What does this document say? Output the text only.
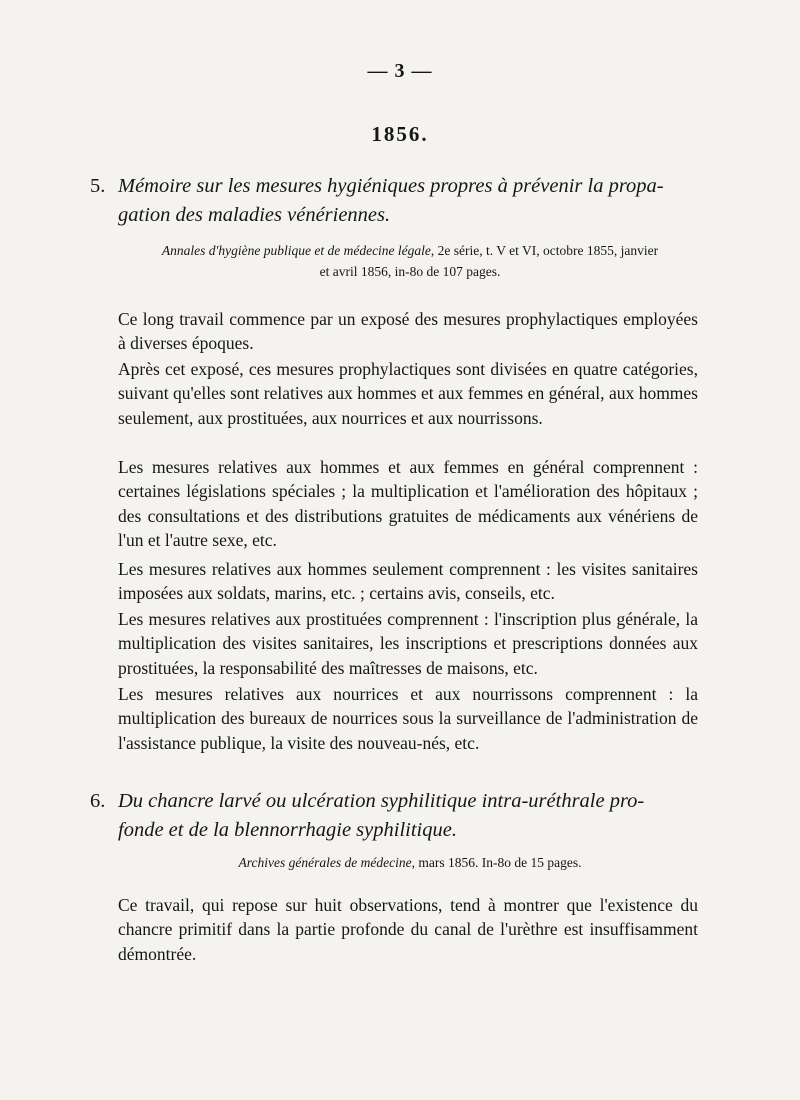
— 3 —
1856.
5. Mémoire sur les mesures hygiéniques propres à prévenir la propa-
gation des maladies vénériennes.
Annales d'hygiène publique et de médecine légale, 2e série, t. V et VI, octobre 1855, janvier
et avril 1856, in-8o de 107 pages.
Ce long travail commence par un exposé des mesures prophylactiques employées à diverses époques.
Après cet exposé, ces mesures prophylactiques sont divisées en quatre catégories, suivant qu'elles sont relatives aux hommes et aux femmes en général, aux hommes seulement, aux prostituées, aux nourrices et aux nourrissons.
Les mesures relatives aux hommes et aux femmes en général comprennent : certaines législations spéciales ; la multiplication et l'amélioration des hôpitaux ; des consultations et des distributions gratuites de médicaments aux vénériens de l'un et l'autre sexe, etc.
Les mesures relatives aux hommes seulement comprennent : les visites sanitaires imposées aux soldats, marins, etc. ; certains avis, conseils, etc.
Les mesures relatives aux prostituées comprennent : l'inscription plus générale, la multiplication des visites sanitaires, les inscriptions et prescriptions données aux prostituées, la responsabilité des maîtresses de maisons, etc.
Les mesures relatives aux nourrices et aux nourrissons comprennent : la multiplication des bureaux de nourrices sous la surveillance de l'administration de l'assistance publique, la visite des nouveau-nés, etc.
6. Du chancre larvé ou ulcération syphilitique intra-uréthrale pro-
fonde et de la blennorrhagie syphilitique.
Archives générales de médecine, mars 1856. In-8o de 15 pages.
Ce travail, qui repose sur huit observations, tend à montrer que l'existence du chancre primitif dans la partie profonde du canal de l'urèthre est insuffisamment démontrée.
